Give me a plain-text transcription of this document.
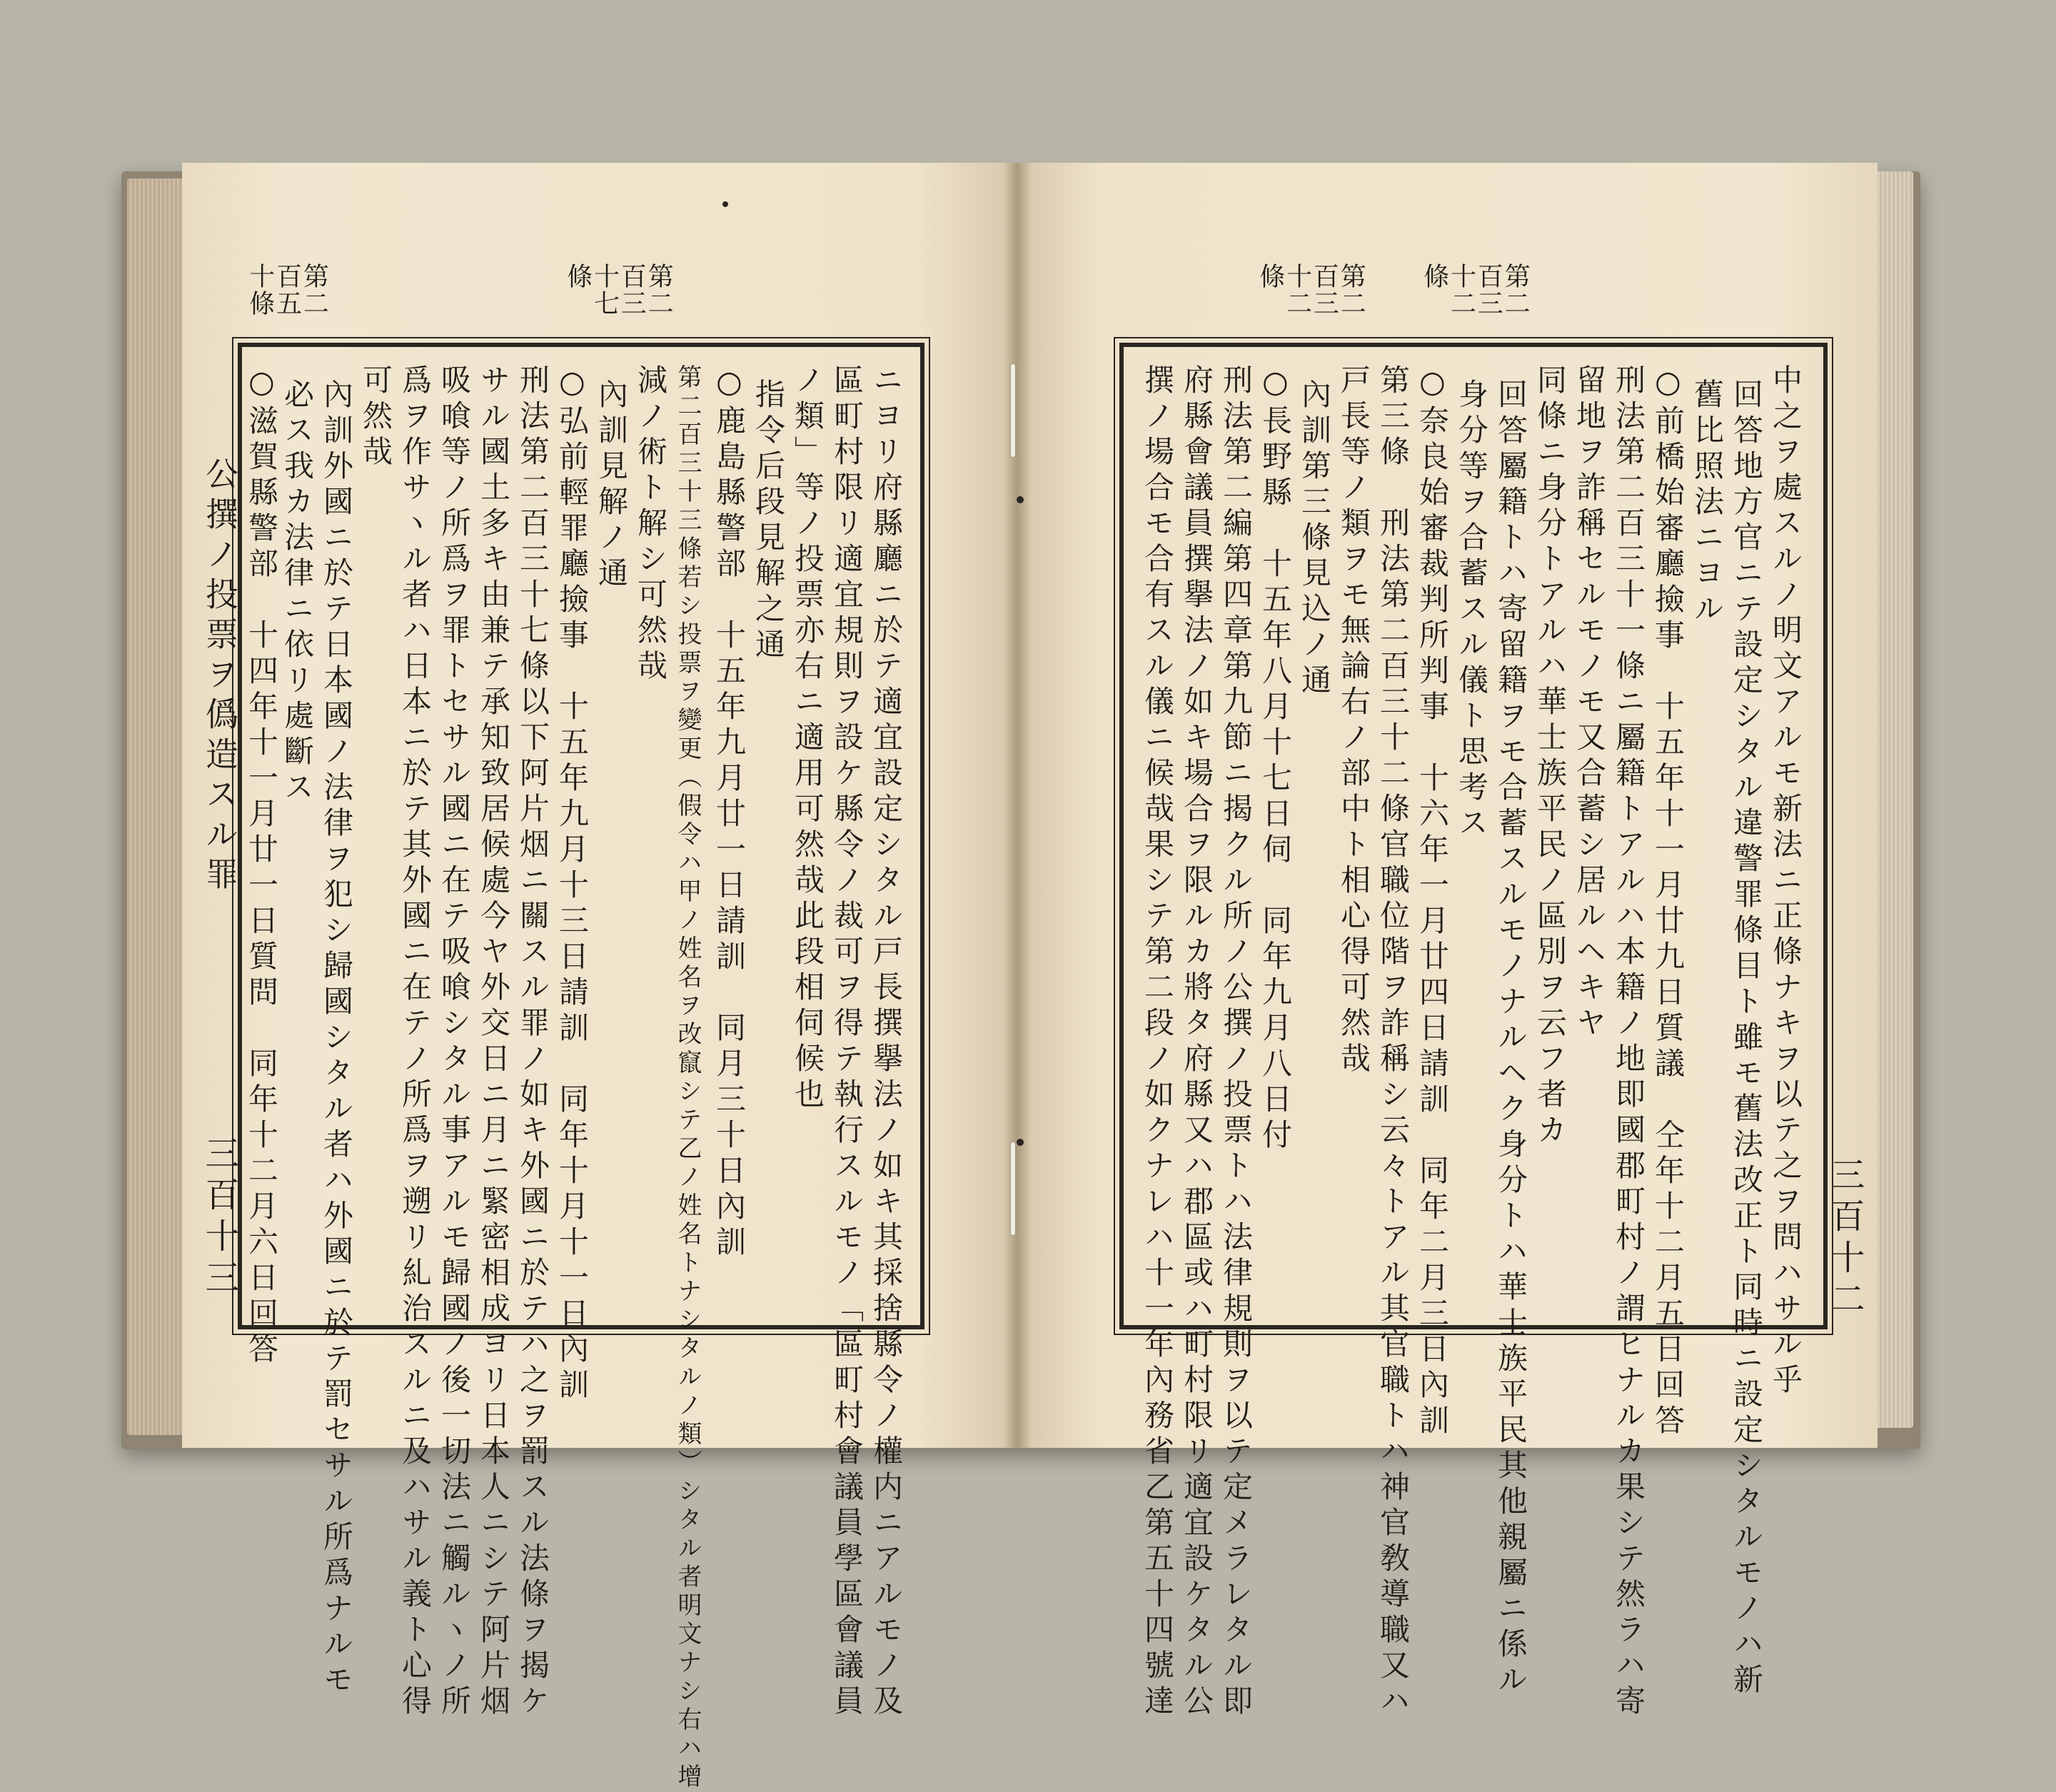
第二百五十條	第二百三十七條
ニヨリ府縣廳ニ於テ適宜設定シタル戸長撰擧法ノ如キ其採捨縣令ノ權内ニアルモノ及
區町村限リ適宜規則ヲ設ケ縣令ノ裁可ヲ得テ執行スルモノ「區町村會議員學區會議員
ノ類」等ノ投票亦右ニ適用可然哉此段相伺候也
指令后段見解之通
○鹿島縣警部　十五年九月廿一日請訓　同月三十日內訓
第二百三十三條若シ投票ヲ變更（假令ハ甲ノ姓名ヲ改竄シテ乙ノ姓名トナシタルノ類）シタル者明文ナシ右ハ增
減ノ術ト解シ可然哉
內訓見解ノ通
○弘前輕罪廳撿事　十五年九月十三日請訓　同年十月十一日內訓
刑法第二百三十七條以下阿片烟ニ關スル罪ノ如キ外國ニ於テハ之ヲ罰スル法條ヲ揭ケ
サル國土多キ由兼テ承知致居候處今ヤ外交日ニ月ニ緊密相成ヨリ日本人ニシテ阿片烟
吸喰等ノ所爲ヲ罪トセサル國ニ在テ吸喰シタル事アルモ歸國ノ後一切法ニ觸ルヽノ所
爲ヲ作サヽル者ハ日本ニ於テ其外國ニ在テノ所爲ヲ遡リ糺治スルニ及ハサル義ト心得
可然哉
內訓外國ニ於テ日本國ノ法律ヲ犯シ歸國シタル者ハ外國ニ於テ罰セサル所爲ナルモ
必ス我カ法律ニ依リ處斷ス
○滋賀縣警部　十四年十一月廿一日質問　同年十二月六日回答
公撰ノ投票ヲ僞造スル罪
三百十三
第二百三十二條
第二百三十二條
中之ヲ處スルノ明文アルモ新法ニ正條ナキヲ以テ之ヲ問ハサル乎
回答地方官ニテ設定シタル違警罪條目ト雖モ舊法改正ト同時ニ設定シタルモノハ新
舊比照法ニヨル
○前橋始審廳撿事　十五年十一月廿九日質議　仝年十二月五日回答
刑法第二百三十一條ニ屬籍トアルハ本籍ノ地即國郡町村ノ謂ヒナルカ果シテ然ラハ寄
留地ヲ詐稱セルモノモ又合蓄シ居ルヘキヤ
同條ニ身分トアルハ華士族平民ノ區別ヲ云フ者カ
回答屬籍トハ寄留籍ヲモ合蓄スルモノナルヘク身分トハ華士族平民其他親屬ニ係ル
身分等ヲ合蓄スル儀ト思考ス
○奈良始審裁判所判事　十六年一月廿四日請訓　同年二月三日內訓
第三條　刑法第二百三十二條官職位階ヲ詐稱シ云々トアル其官職トハ神官敎導職又ハ
戸長等ノ類ヲモ無論右ノ部中ト相心得可然哉
內訓第三條見込ノ通
○長野縣　十五年八月十七日伺　同年九月八日付
刑法第二編第四章第九節ニ揭クル所ノ公撰ノ投票トハ法律規則ヲ以テ定メラレタル即
府縣會議員撰擧法ノ如キ場合ヲ限ルカ將タ府縣又ハ郡區或ハ町村限リ適宜設ケタル公
撰ノ場合モ合有スル儀ニ候哉果シテ第二段ノ如クナレハ十一年內務省乙第五十四號達	三百十二
